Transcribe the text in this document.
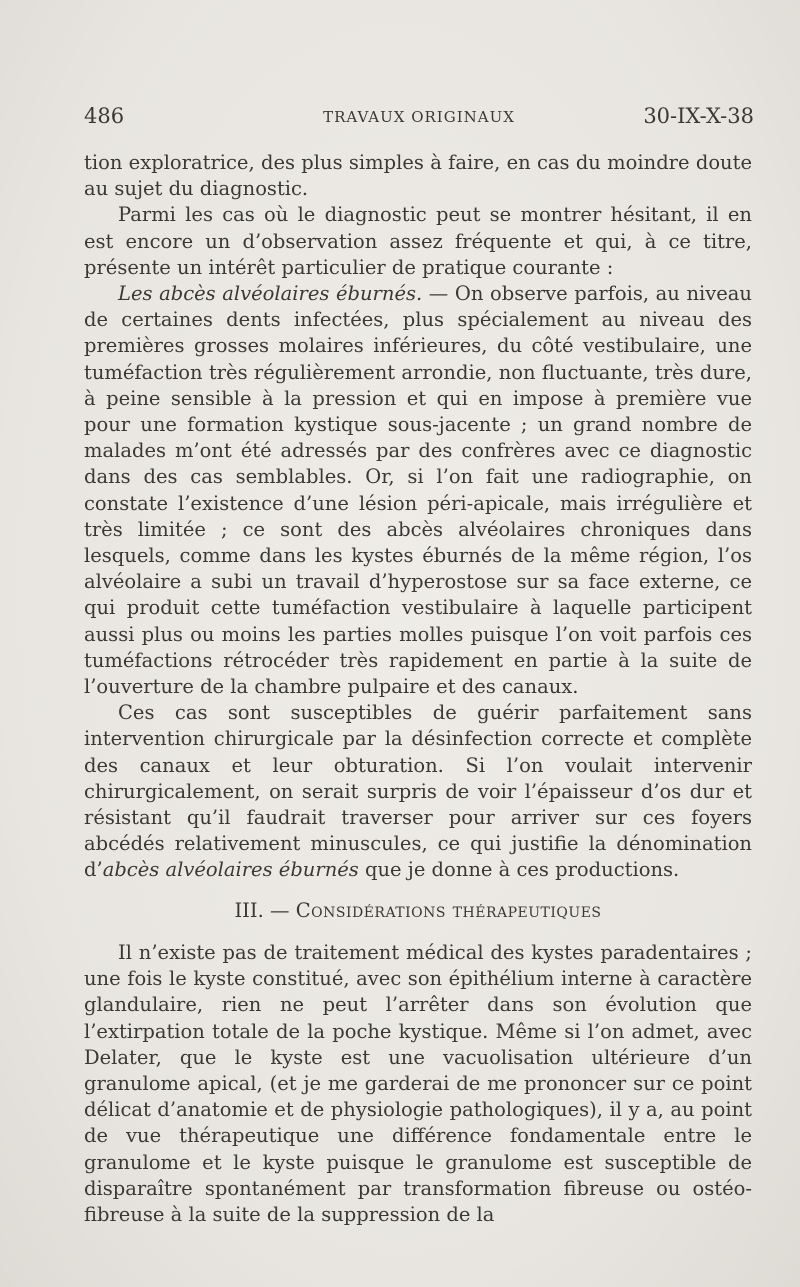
486	TRAVAUX ORIGINAUX	30-IX-X-38

tion exploratrice, des plus simples à faire, en cas du moindre doute au sujet du diagnostic.

Parmi les cas où le diagnostic peut se montrer hésitant, il en est encore un d’observation assez fréquente et qui, à ce titre, présente un intérêt particulier de pratique courante :

Les abcès alvéolaires éburnés. — On observe parfois, au niveau de certaines dents infectées, plus spécialement au niveau des premières grosses molaires inférieures, du côté vestibulaire, une tuméfaction très régulièrement arrondie, non fluctuante, très dure, à peine sensible à la pression et qui en impose à première vue pour une formation kystique sous-jacente ; un grand nombre de malades m’ont été adressés par des confrères avec ce diagnostic dans des cas semblables. Or, si l’on fait une radiographie, on constate l’existence d’une lésion péri-apicale, mais irrégulière et très limitée ; ce sont des abcès alvéolaires chroniques dans lesquels, comme dans les kystes éburnés de la même région, l’os alvéolaire a subi un travail d’hyperostose sur sa face externe, ce qui produit cette tuméfaction vestibulaire à laquelle participent aussi plus ou moins les parties molles puisque l’on voit parfois ces tuméfactions rétrocéder très rapidement en partie à la suite de l’ouverture de la chambre pulpaire et des canaux.

Ces cas sont susceptibles de guérir parfaitement sans intervention chirurgicale par la désinfection correcte et complète des canaux et leur obturation. Si l’on voulait intervenir chirurgicalement, on serait surpris de voir l’épaisseur d’os dur et résistant qu’il faudrait traverser pour arriver sur ces foyers abcédés relativement minuscules, ce qui justifie la dénomination d’abcès alvéolaires éburnés que je donne à ces productions.

III. — Considérations thérapeutiques

Il n’existe pas de traitement médical des kystes paradentaires ; une fois le kyste constitué, avec son épithélium interne à caractère glandulaire, rien ne peut l’arrêter dans son évolution que l’extirpation totale de la poche kystique. Même si l’on admet, avec Delater, que le kyste est une vacuolisation ultérieure d’un granulome apical, (et je me garderai de me prononcer sur ce point délicat d’anatomie et de physiologie pathologiques), il y a, au point de vue thérapeutique une différence fondamentale entre le granulome et le kyste puisque le granulome est susceptible de disparaître spontanément par transformation fibreuse ou ostéo-fibreuse à la suite de la suppression de la
